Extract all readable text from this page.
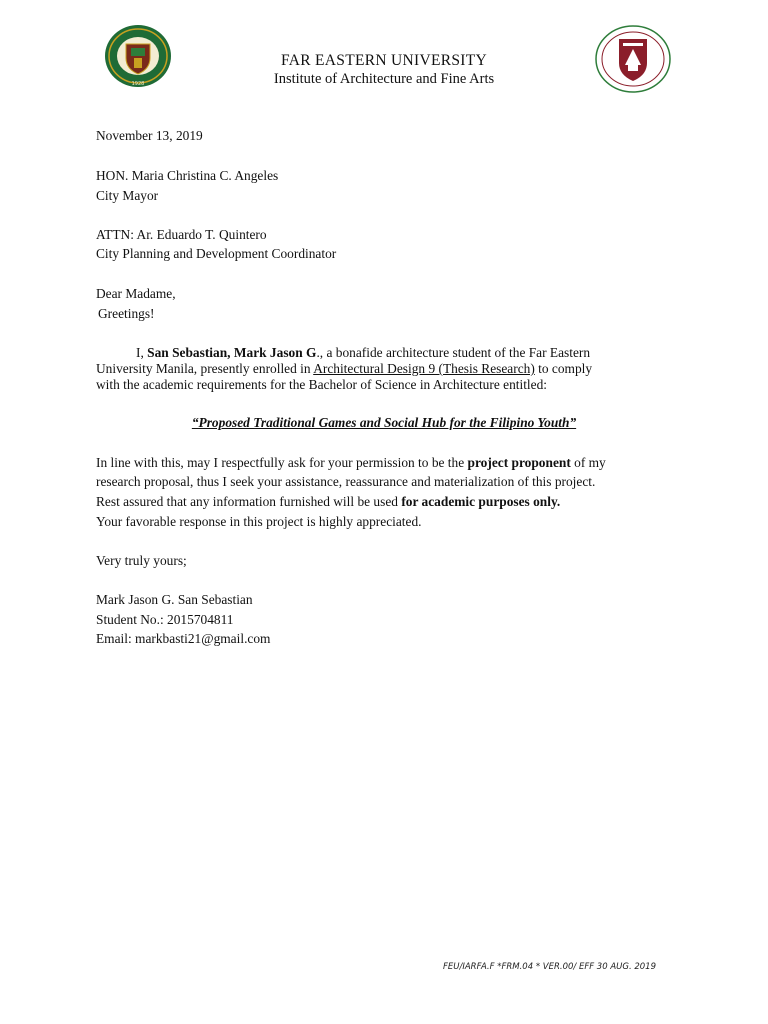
1928
FAR EASTERN UNIVERSITY
Institute of Architecture and Fine Arts
November 13, 2019
HON. Maria Christina C. Angeles
City Mayor
ATTN: Ar. Eduardo T. Quintero
City Planning and Development Coordinator
Dear Madame,
Greetings!
I, San Sebastian, Mark Jason G., a bonafide architecture student of the Far Eastern
University Manila, presently enrolled in Architectural Design 9 (Thesis Research) to comply
with the academic requirements for the Bachelor of Science in Architecture entitled:
“Proposed Traditional Games and Social Hub for the Filipino Youth”
In line with this, may I respectfully ask for your permission to be the project proponent of my
research proposal, thus I seek your assistance, reassurance and materialization of this project.
Rest assured that any information furnished will be used for academic purposes only.
Your favorable response in this project is highly appreciated.
Very truly yours;
Mark Jason G. San Sebastian
Student No.: 2015704811
Email: markbasti21@gmail.com
FEU/IARFA.F *FRM.04 * VER.00/ EFF 30 AUG. 2019
